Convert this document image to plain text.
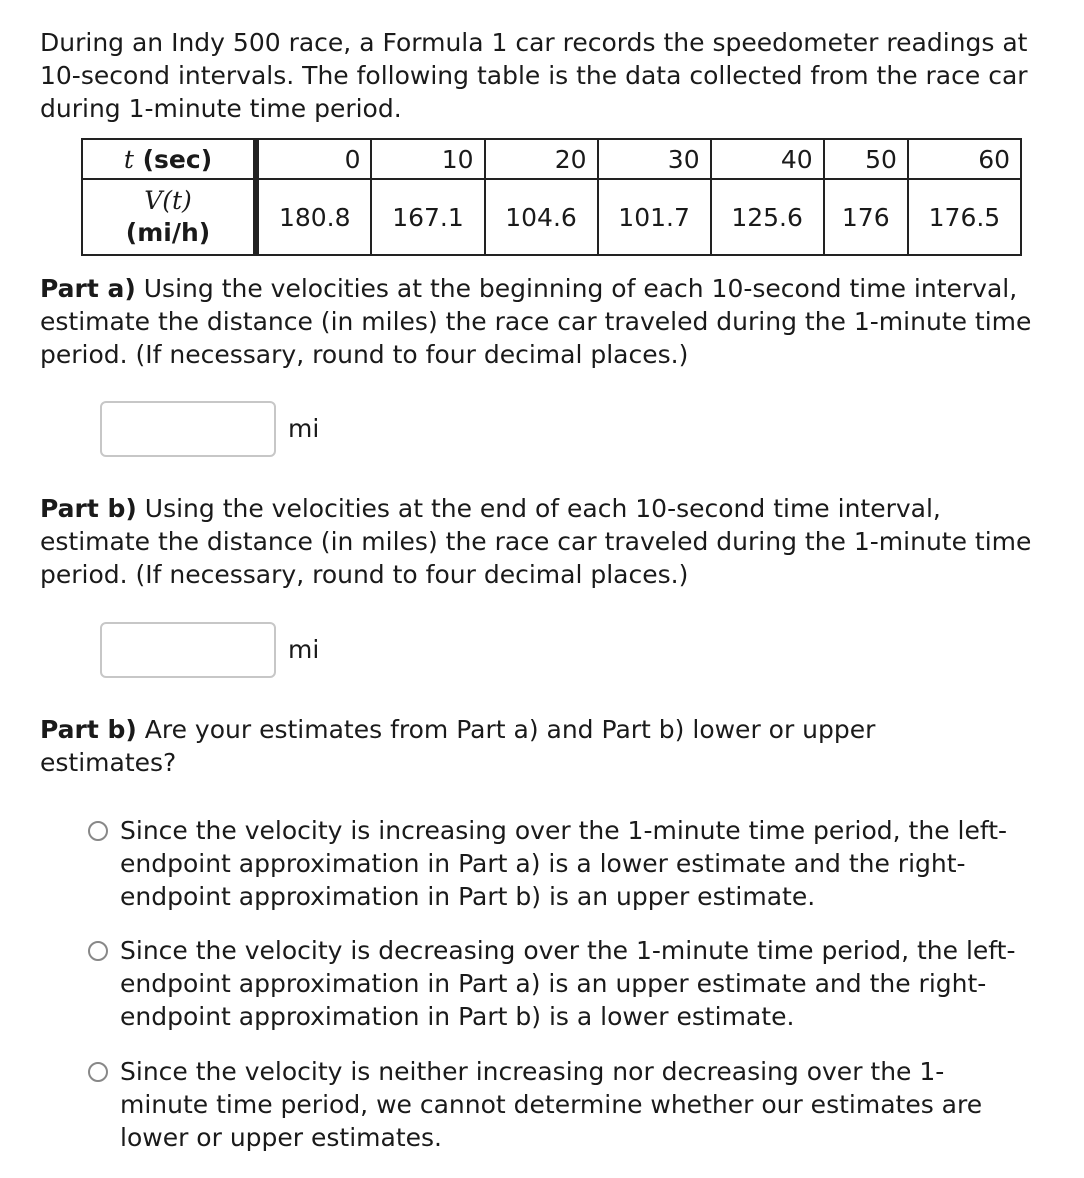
During an Indy 500 race, a Formula 1 car records the speedometer readings at 10-second intervals. The following table is the data collected from the race car during 1-minute time period.

t (sec)	0	10	20	30	40	50	60
V(t)
(mi/h)	180.8	167.1	104.6	101.7	125.6	176	176.5

Part a) Using the velocities at the beginning of each 10-second time interval, estimate the distance (in miles) the race car traveled during the 1-minute time period. (If necessary, round to four decimal places.)

mi

Part b) Using the velocities at the end of each 10-second time interval, estimate the distance (in miles) the race car traveled during the 1-minute time period. (If necessary, round to four decimal places.)

mi

Part b) Are your estimates from Part a) and Part b) lower or upper estimates?

Since the velocity is increasing over the 1-minute time period, the left-endpoint approximation in Part a) is a lower estimate and the right-endpoint approximation in Part b) is an upper estimate.
Since the velocity is decreasing over the 1-minute time period, the left-endpoint approximation in Part a) is an upper estimate and the right-endpoint approximation in Part b) is a lower estimate.
Since the velocity is neither increasing nor decreasing over the 1-minute time period, we cannot determine whether our estimates are lower or upper estimates.
